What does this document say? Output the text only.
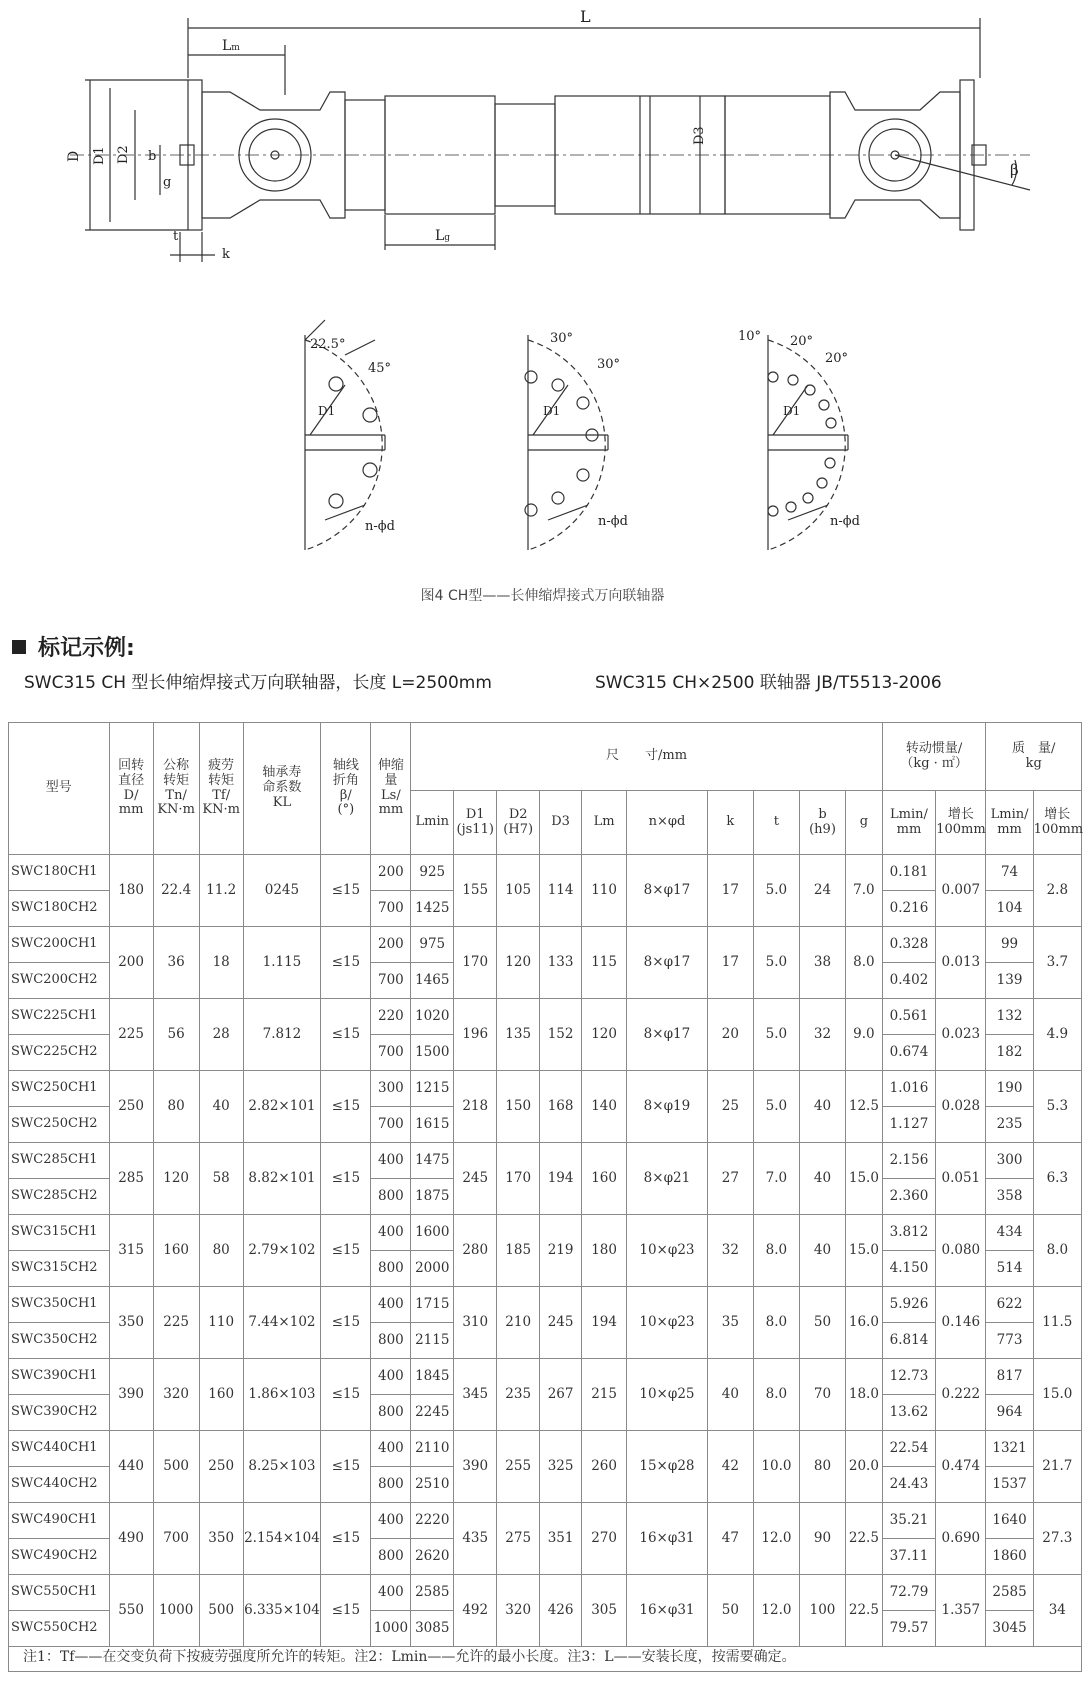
L
Lm
Lg
D D1 D2 b
g
t
k
D3
β
22.5°
45°
D1
n-ϕd
30°
30°
D1
n-ϕd
10° 20°
20°
D1
n-ϕd
图4 CH型——长伸缩焊接式万向联轴器
标记示例:
SWC315 CH 型长伸缩焊接式万向联轴器，长度 L=2500mm	SWC315 CH×2500 联轴器 JB/T5513-2006
型号	回转
直径
D/
mm	公称
转矩
Tn/
KN·m	疲劳
转矩
Tf/
KN·m	轴承寿
命系数
KL	轴线
折角
β/
(°)	伸缩
量
Ls/
mm	尺　　寸/mm										转动惯量/
（kg · ㎡）		质　量/
kg	
							Lmin	D1
(js11)	D2
(H7)	D3	Lm	n×φd	k	t	b
(h9)	g	Lmin/
mm	增长
100mm	Lmin/
mm	增长
100mm
SWC180CH1	180	22.4	11.2	0245	≤15	200	925	155	105	114	110	8×φ17	17	5.0	24	7.0	0.181	0.007	74	2.8
SWC180CH2						700	1425										0.216		104	
SWC200CH1	200	36	18	1.115	≤15	200	975	170	120	133	115	8×φ17	17	5.0	38	8.0	0.328	0.013	99	3.7
SWC200CH2						700	1465										0.402		139	
SWC225CH1	225	56	28	7.812	≤15	220	1020	196	135	152	120	8×φ17	20	5.0	32	9.0	0.561	0.023	132	4.9
SWC225CH2						700	1500										0.674		182	
SWC250CH1	250	80	40	2.82×101	≤15	300	1215	218	150	168	140	8×φ19	25	5.0	40	12.5	1.016	0.028	190	5.3
SWC250CH2						700	1615										1.127		235	
SWC285CH1	285	120	58	8.82×101	≤15	400	1475	245	170	194	160	8×φ21	27	7.0	40	15.0	2.156	0.051	300	6.3
SWC285CH2						800	1875										2.360		358	
SWC315CH1	315	160	80	2.79×102	≤15	400	1600	280	185	219	180	10×φ23	32	8.0	40	15.0	3.812	0.080	434	8.0
SWC315CH2						800	2000										4.150		514	
SWC350CH1	350	225	110	7.44×102	≤15	400	1715	310	210	245	194	10×φ23	35	8.0	50	16.0	5.926	0.146	622	11.5
SWC350CH2						800	2115										6.814		773	
SWC390CH1	390	320	160	1.86×103	≤15	400	1845	345	235	267	215	10×φ25	40	8.0	70	18.0	12.73	0.222	817	15.0
SWC390CH2						800	2245										13.62		964	
SWC440CH1	440	500	250	8.25×103	≤15	400	2110	390	255	325	260	15×φ28	42	10.0	80	20.0	22.54	0.474	1321	21.7
SWC440CH2						800	2510										24.43		1537	
SWC490CH1	490	700	350	2.154×104	≤15	400	2220	435	275	351	270	16×φ31	47	12.0	90	22.5	35.21	0.690	1640	27.3
SWC490CH2						800	2620										37.11		1860	
SWC550CH1	550	1000	500	6.335×104	≤15	400	2585	492	320	426	305	16×φ31	50	12.0	100	22.5	72.79	1.357	2585	34
SWC550CH2						1000	3085										79.57		3045	
注1：Tf——在交变负荷下按疲劳强度所允许的转矩。注2：Lmin——允许的最小长度。注3：L——安装长度，按需要确定。
